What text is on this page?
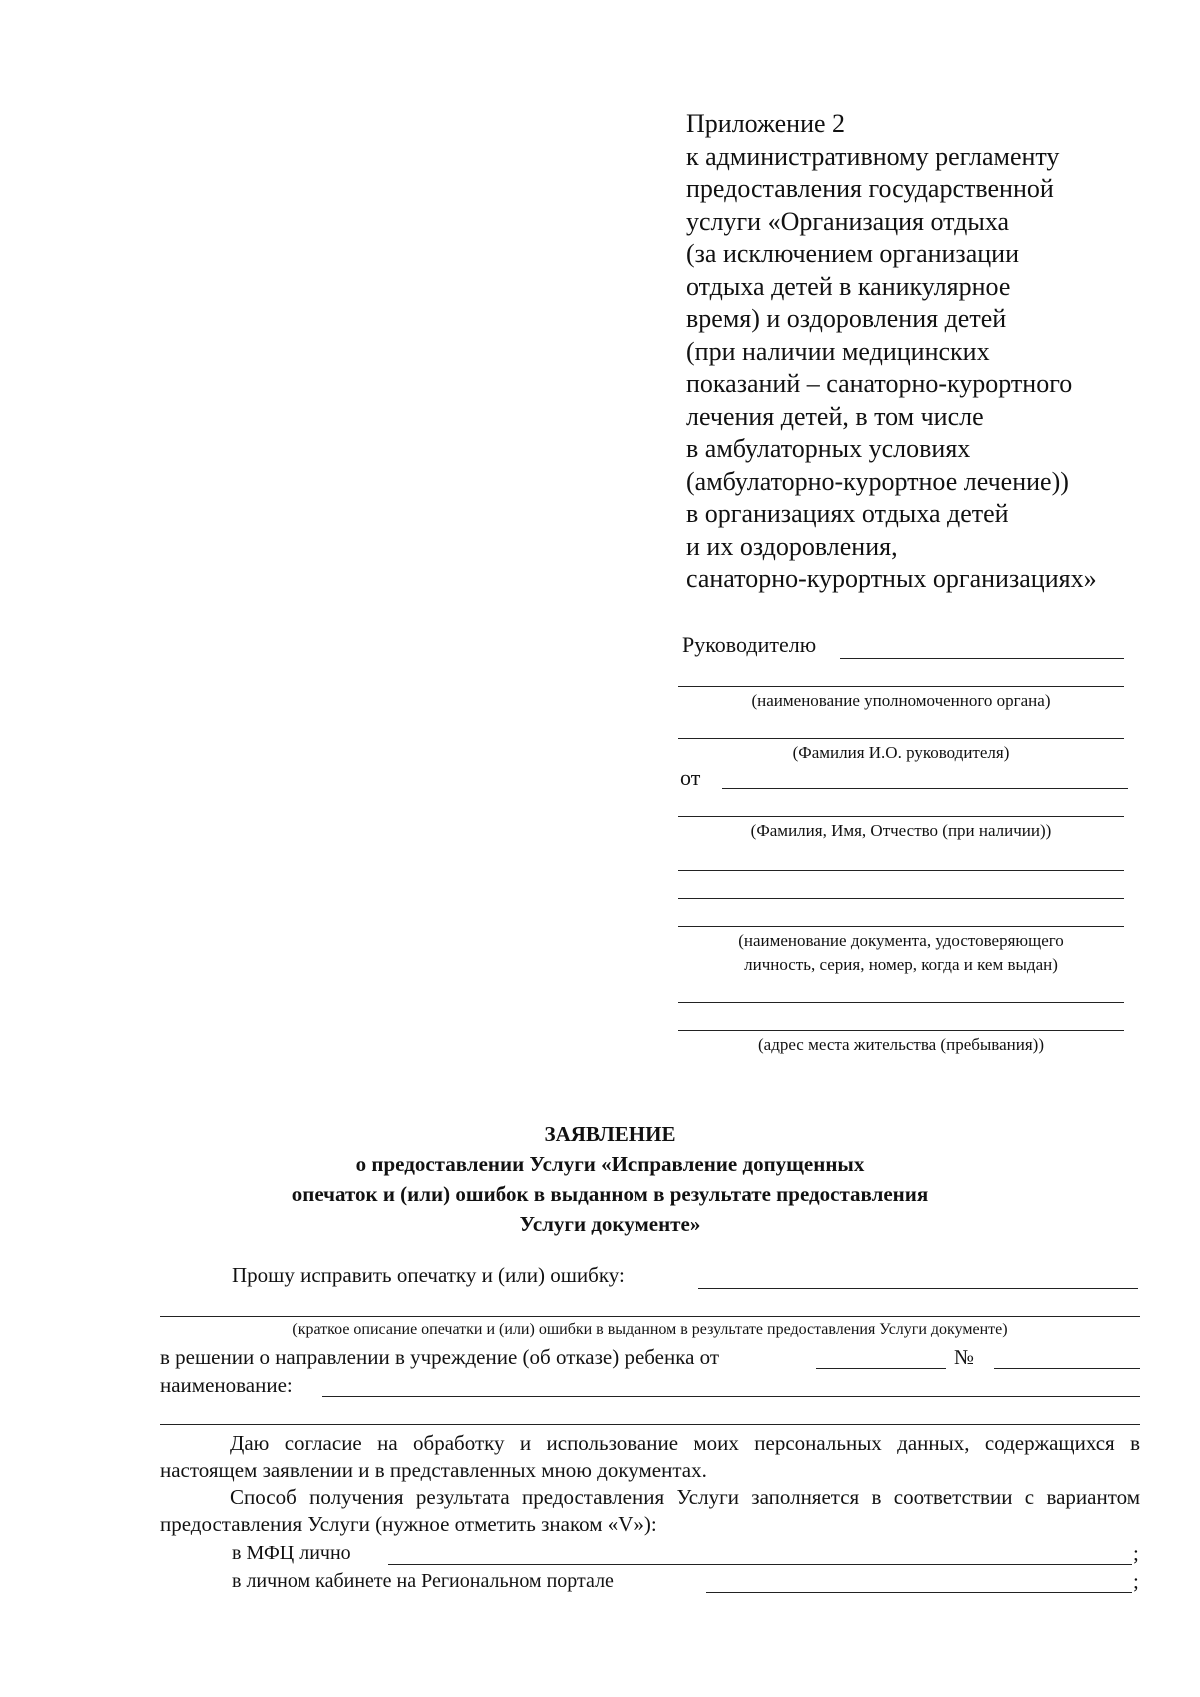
Приложение 2
к административному регламенту
предоставления государственной
услуги «Организация отдыха
(за исключением организации
отдыха детей в каникулярное
время) и оздоровления детей
(при наличии медицинских
показаний – санаторно-курортного
лечения детей, в том числе
в амбулаторных условиях
(амбулаторно-курортное лечение))
в организациях отдыха детей
и их оздоровления,
санаторно-курортных организациях»
Руководителю
(наименование уполномоченного органа)
(Фамилия И.О. руководителя)
от
(Фамилия, Имя, Отчество (при наличии))
(наименование документа, удостоверяющего
личность, серия, номер, когда и кем выдан)
(адрес места жительства (пребывания))
ЗАЯВЛЕНИЕ
о предоставлении Услуги «Исправление допущенных
опечаток и (или) ошибок в выданном в результате предоставления
Услуги документе»
Прошу исправить опечатку и (или) ошибку:
(краткое описание опечатки и (или) ошибки в выданном в результате предоставления Услуги документе)
в решении о направлении в учреждение (об отказе) ребенка от	№
наименование:
Даю согласие на обработку и использование моих персональных данных, содержащихся в настоящем заявлении и в представленных мною документах.
Способ получения результата предоставления Услуги заполняется в соответствии с вариантом предоставления Услуги (нужное отметить знаком «V»):
в МФЦ лично	;
в личном кабинете на Региональном портале	;
